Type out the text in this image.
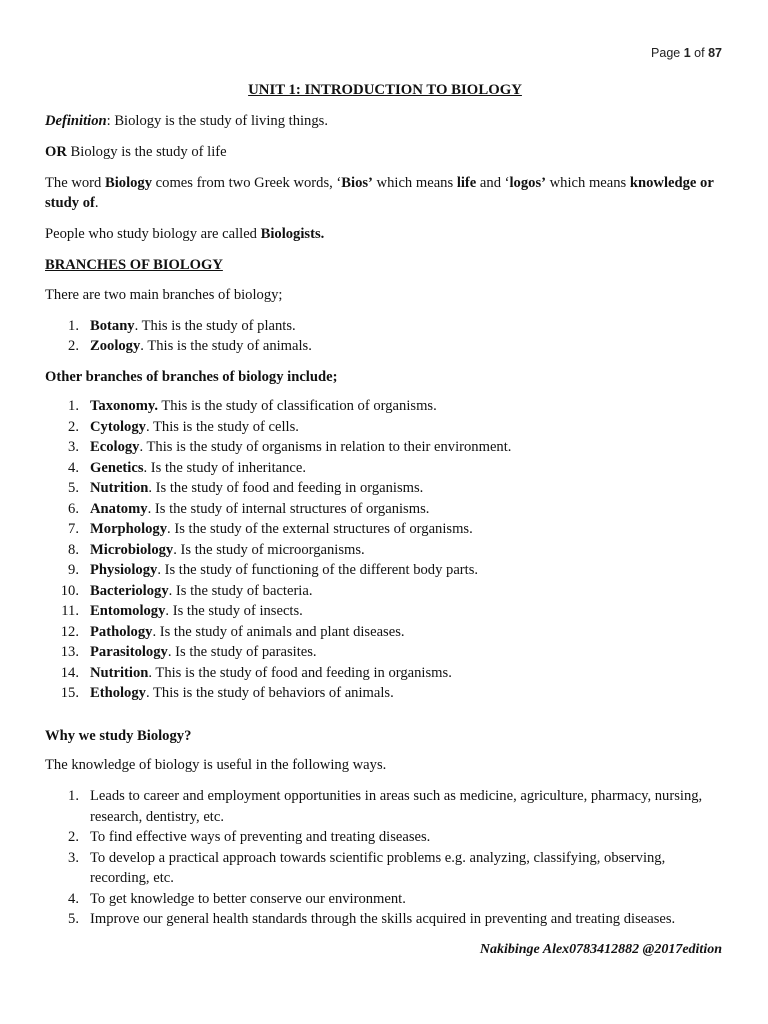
Page 1 of 87
UNIT 1: INTRODUCTION TO BIOLOGY

Definition: Biology is the study of living things.

OR Biology is the study of life

The word Biology comes from two Greek words, ‘Bios’ which means life and ‘logos’ which means knowledge or study of.

People who study biology are called Biologists.

BRANCHES OF BIOLOGY

There are two main branches of biology;

1. Botany. This is the study of plants.
2. Zoology. This is the study of animals.
Other branches of branches of biology include;
1. Taxonomy. This is the study of classification of organisms.
2. Cytology. This is the study of cells.
3. Ecology. This is the study of organisms in relation to their environment.
4. Genetics. Is the study of inheritance.
5. Nutrition. Is the study of food and feeding in organisms.
6. Anatomy. Is the study of internal structures of organisms.
7. Morphology. Is the study of the external structures of organisms.
8. Microbiology. Is the study of microorganisms.
9. Physiology. Is the study of functioning of the different body parts.
10. Bacteriology. Is the study of bacteria.
11. Entomology. Is the study of insects.
12. Pathology. Is the study of animals and plant diseases.
13. Parasitology. Is the study of parasites.
14. Nutrition. This is the study of food and feeding in organisms.
15. Ethology. This is the study of behaviors of animals.
Why we study Biology?

The knowledge of biology is useful in the following ways.

1. Leads to career and employment opportunities in areas such as medicine, agriculture, pharmacy, nursing, research, dentistry, etc.
2. To find effective ways of preventing and treating diseases.
3. To develop a practical approach towards scientific problems e.g. analyzing, classifying, observing, recording, etc.
4. To get knowledge to better conserve our environment.
5. Improve our general health standards through the skills acquired in preventing and treating diseases.
Nakibinge Alex0783412882 @2017edition
